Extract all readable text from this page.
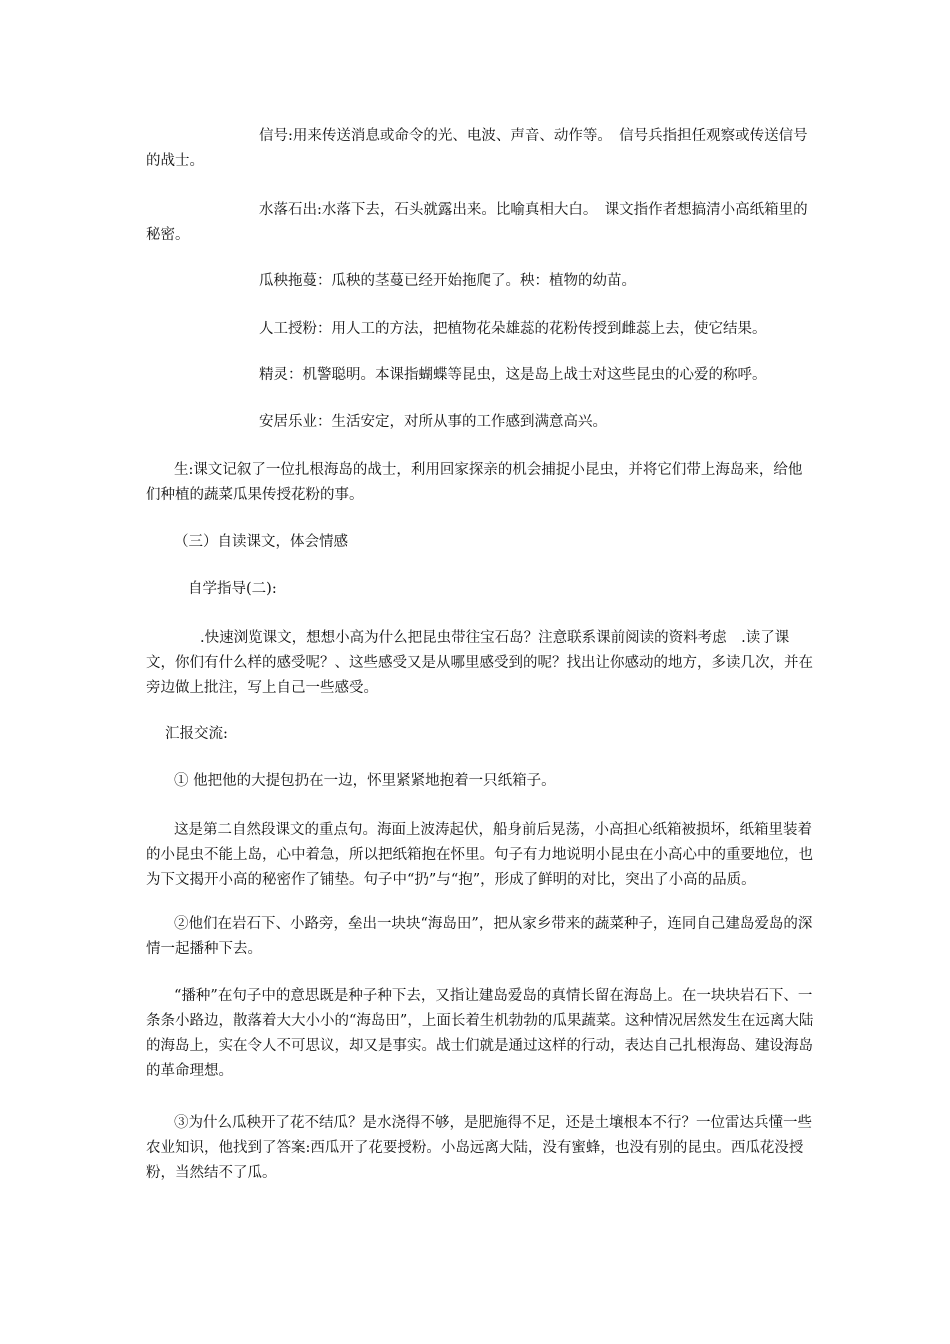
信号:用来传送消息或命令的光、电波、声音、动作等。　信号兵指担任观察或传送信号的战士。

水落石出:水落下去，石头就露出来。比喻真相大白。　课文指作者想搞清小高纸箱里的秘密。

瓜秧拖蔓：瓜秧的茎蔓已经开始拖爬了。秧：植物的幼苗。

人工授粉：用人工的方法，把植物花朵雄蕊的花粉传授到雌蕊上去，使它结果。

精灵：机警聪明。本课指蝴蝶等昆虫，这是岛上战士对这些昆虫的心爱的称呼。

安居乐业：生活安定，对所从事的工作感到满意高兴。

生:课文记叙了一位扎根海岛的战士，利用回家探亲的机会捕捉小昆虫，并将它们带上海岛来，给他们种植的蔬菜瓜果传授花粉的事。

（三）自读课文，体会情感

自学指导(二):

.快速浏览课文，想想小高为什么把昆虫带往宝石岛？注意联系课前阅读的资料考虑　.读了课文，你们有什么样的感受呢？、这些感受又是从哪里感受到的呢？找出让你感动的地方，多读几次，并在旁边做上批注，写上自己一些感受。

汇报交流:

① 他把他的大提包扔在一边，怀里紧紧地抱着一只纸箱子。

这是第二自然段课文的重点句。海面上波涛起伏，船身前后晃荡，小高担心纸箱被损坏，纸箱里装着的小昆虫不能上岛，心中着急，所以把纸箱抱在怀里。句子有力地说明小昆虫在小高心中的重要地位，也为下文揭开小高的秘密作了铺垫。句子中“扔”与“抱”，形成了鲜明的对比，突出了小高的品质。

②他们在岩石下、小路旁，垒出一块块“海岛田”，把从家乡带来的蔬菜种子，连同自己建岛爱岛的深情一起播种下去。

“播种”在句子中的意思既是种子种下去，又指让建岛爱岛的真情长留在海岛上。在一块块岩石下、一条条小路边，散落着大大小小的“海岛田”，上面长着生机勃勃的瓜果蔬菜。这种情况居然发生在远离大陆的海岛上，实在令人不可思议，却又是事实。战士们就是通过这样的行动，表达自己扎根海岛、建设海岛的革命理想。

③为什么瓜秧开了花不结瓜？是水浇得不够，是肥施得不足，还是土壤根本不行？一位雷达兵懂一些农业知识，他找到了答案:西瓜开了花要授粉。小岛远离大陆，没有蜜蜂，也没有别的昆虫。西瓜花没授粉，当然结不了瓜。
